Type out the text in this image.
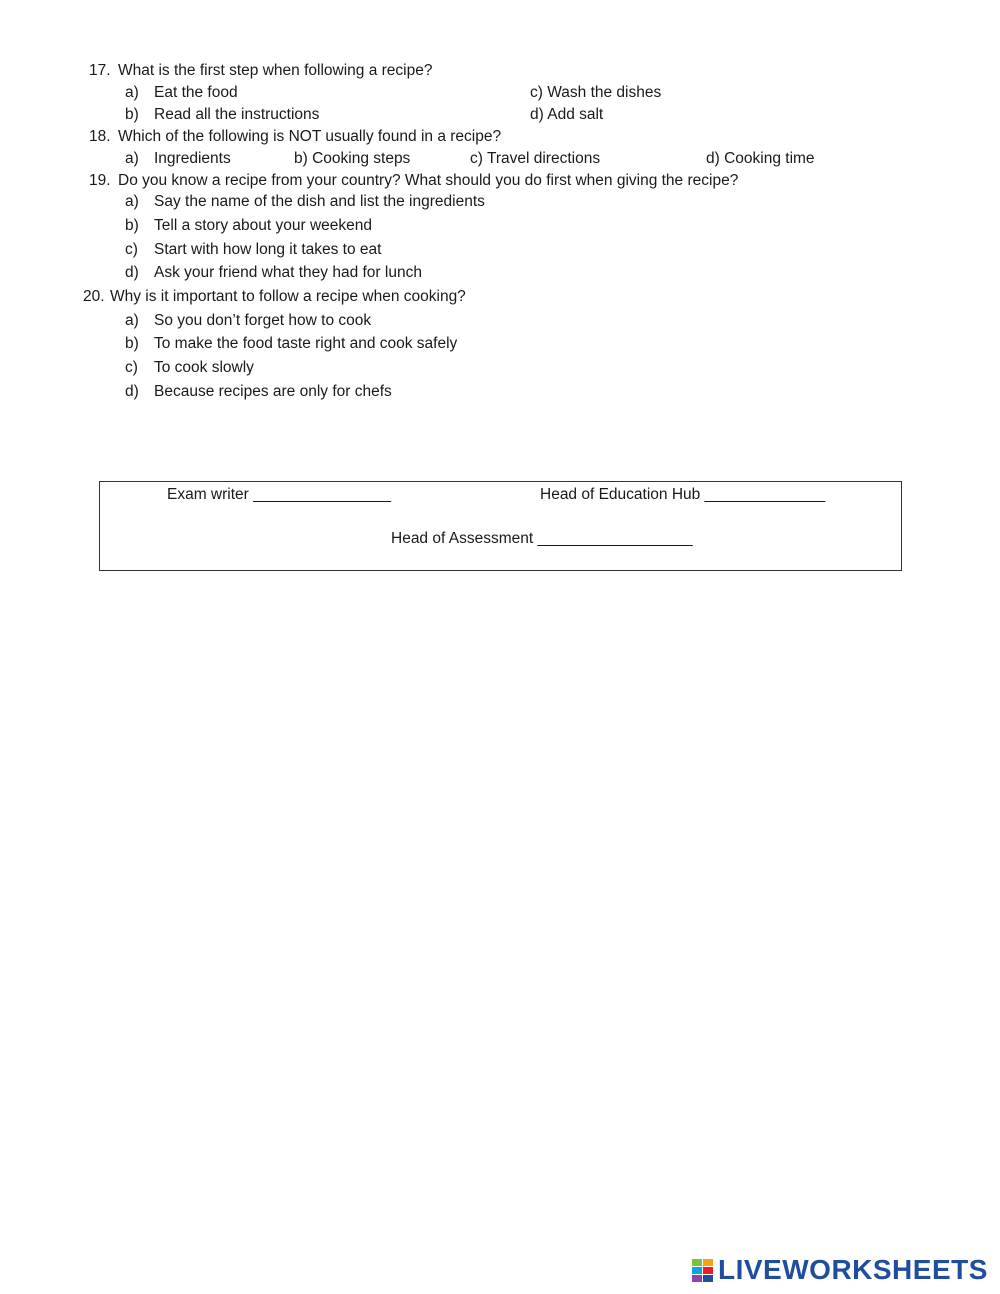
17. What is the first step when following a recipe?
a) Eat the food	c) Wash the dishes
b) Read all the instructions	d) Add salt
18. Which of the following is NOT usually found in a recipe?
a) Ingredients	b) Cooking steps	c) Travel directions	d) Cooking time
19. Do you know a recipe from your country? What should you do first when giving the recipe?
a) Say the name of the dish and list the ingredients
b) Tell a story about your weekend
c) Start with how long it takes to eat
d) Ask your friend what they had for lunch
20. Why is it important to follow a recipe when cooking?
a) So you don’t forget how to cook
b) To make the food taste right and cook safely
c) To cook slowly
d) Because recipes are only for chefs
Exam writer ________________	Head of Education Hub ______________
Head of Assessment __________________
LIVEWORKSHEETS
